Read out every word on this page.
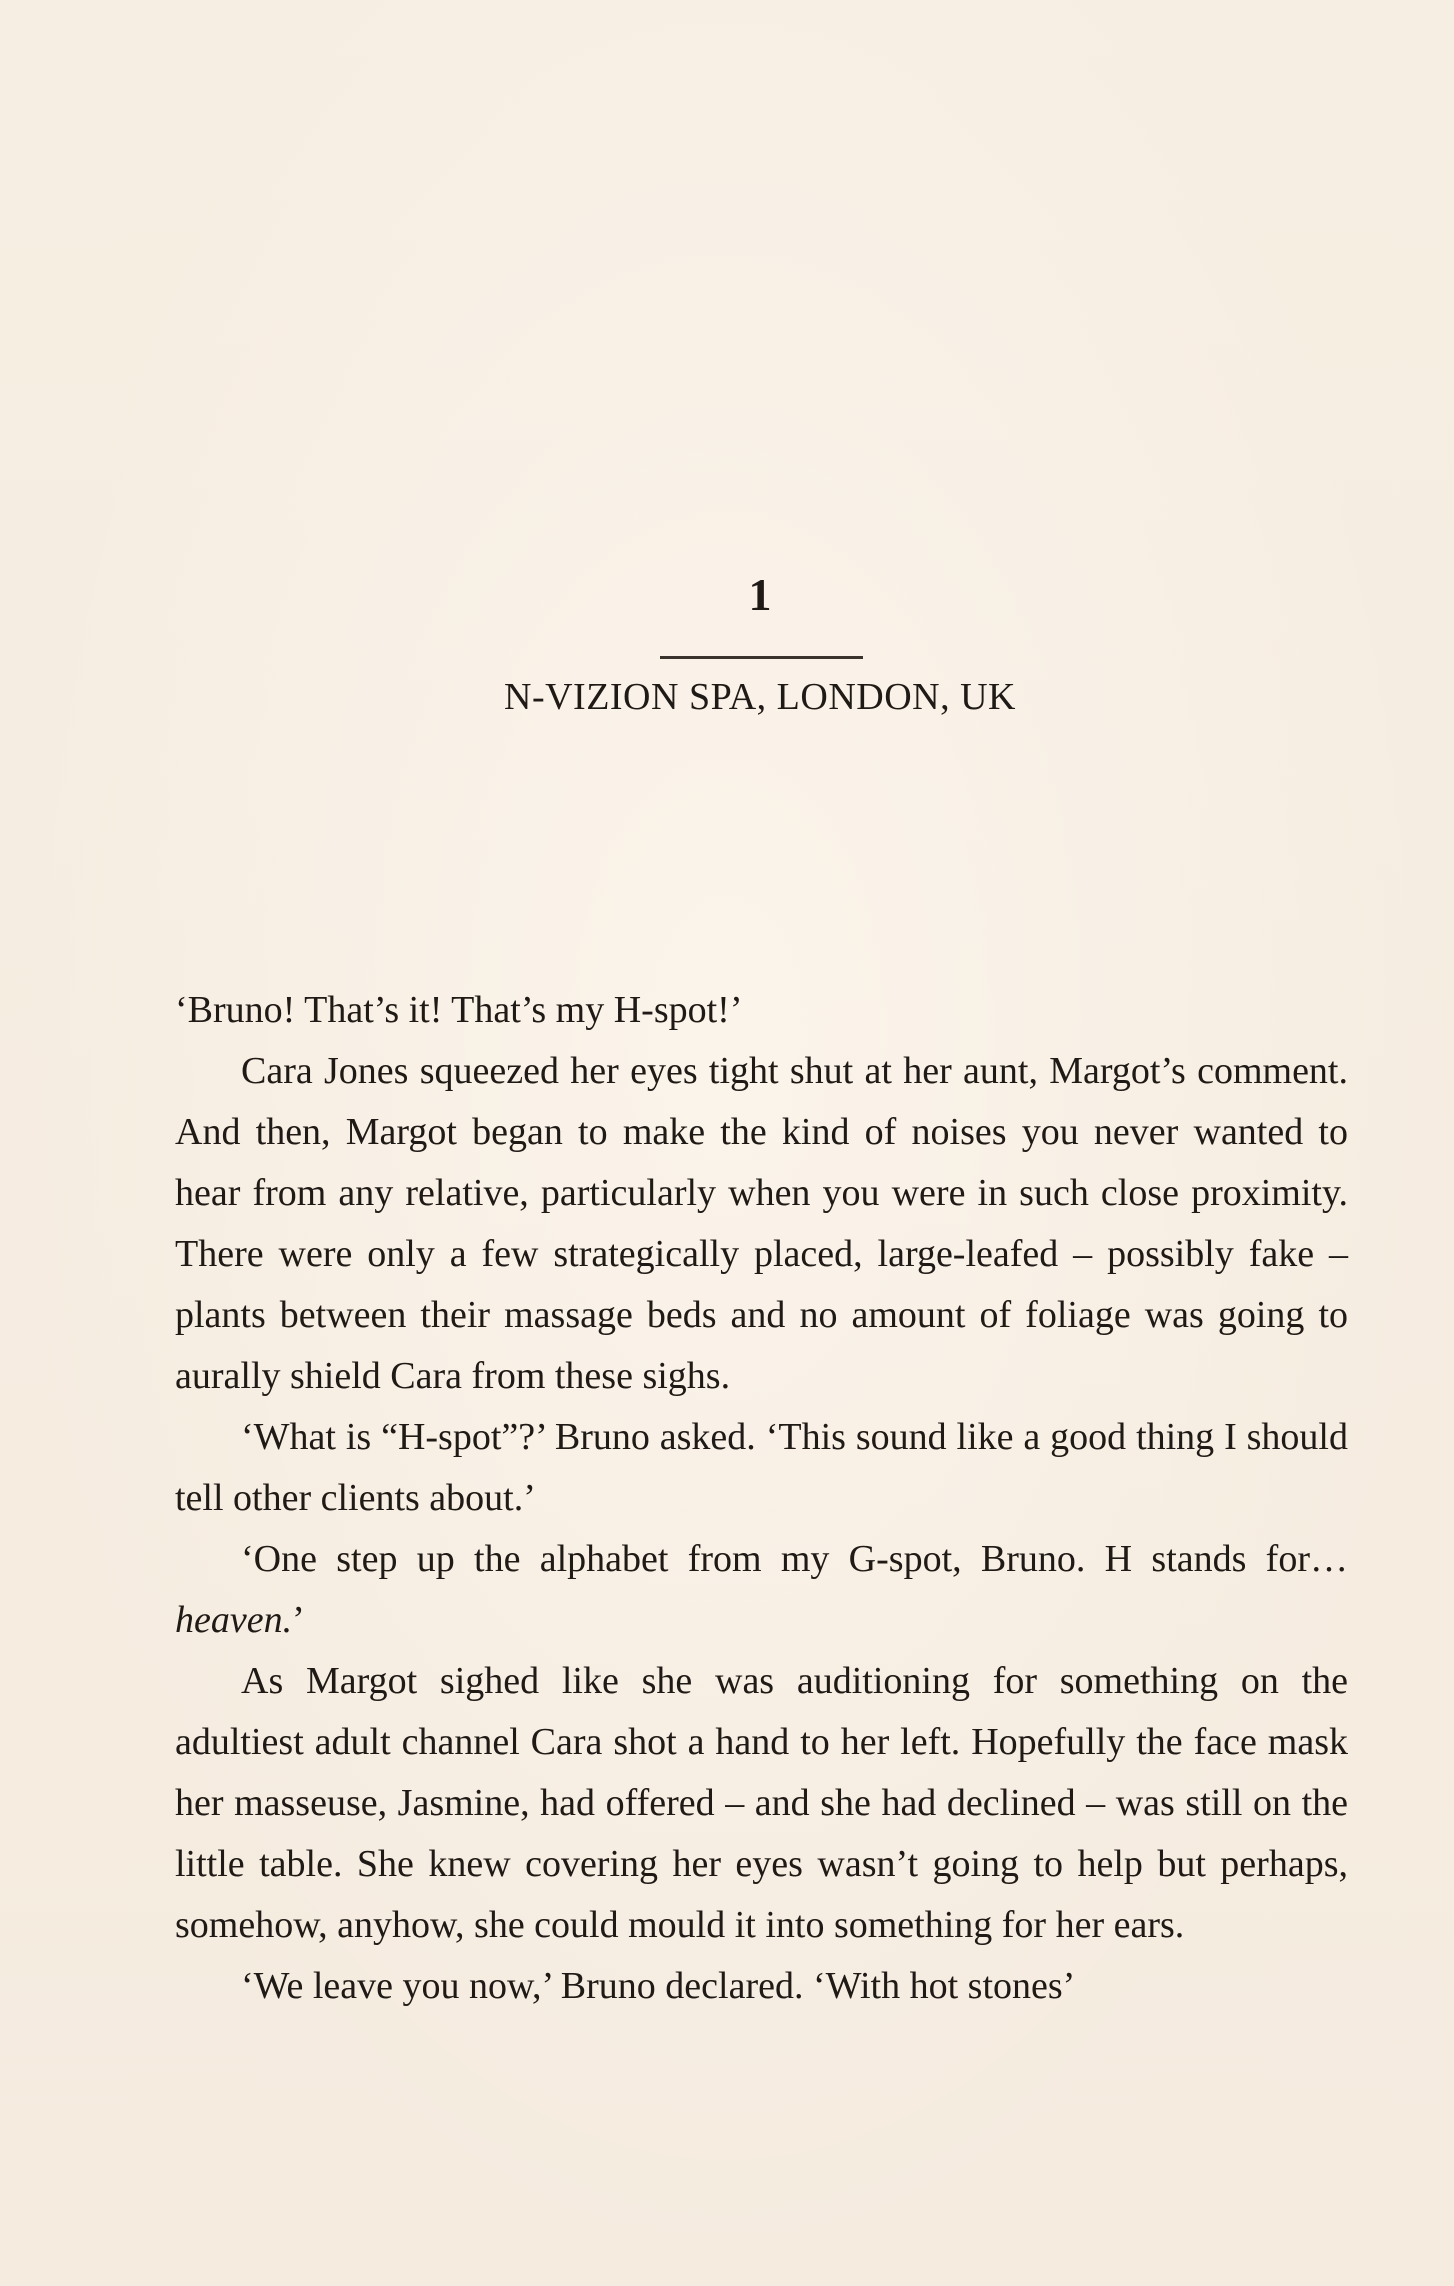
1
N-VIZION SPA, LONDON, UK

‘Bruno! That’s it! That’s my H-spot!’

Cara Jones squeezed her eyes tight shut at her aunt, Margot’s comment. And then, Margot began to make the kind of noises you never wanted to hear from any relative, particularly when you were in such close proximity. There were only a few strategically placed, large-leafed – possibly fake – plants between their massage beds and no amount of foliage was going to aurally shield Cara from these sighs.

‘What is “H-spot”?’ Bruno asked. ‘This sound like a good thing I should tell other clients about.’

‘One step up the alphabet from my G-spot, Bruno. H stands for… heaven.’

As Margot sighed like she was auditioning for something on the adultiest adult channel Cara shot a hand to her left. Hopefully the face mask her masseuse, Jasmine, had offered – and she had declined – was still on the little table. She knew covering her eyes wasn’t going to help but perhaps, somehow, anyhow, she could mould it into something for her ears.

‘We leave you now,’ Bruno declared. ‘With hot stones’
